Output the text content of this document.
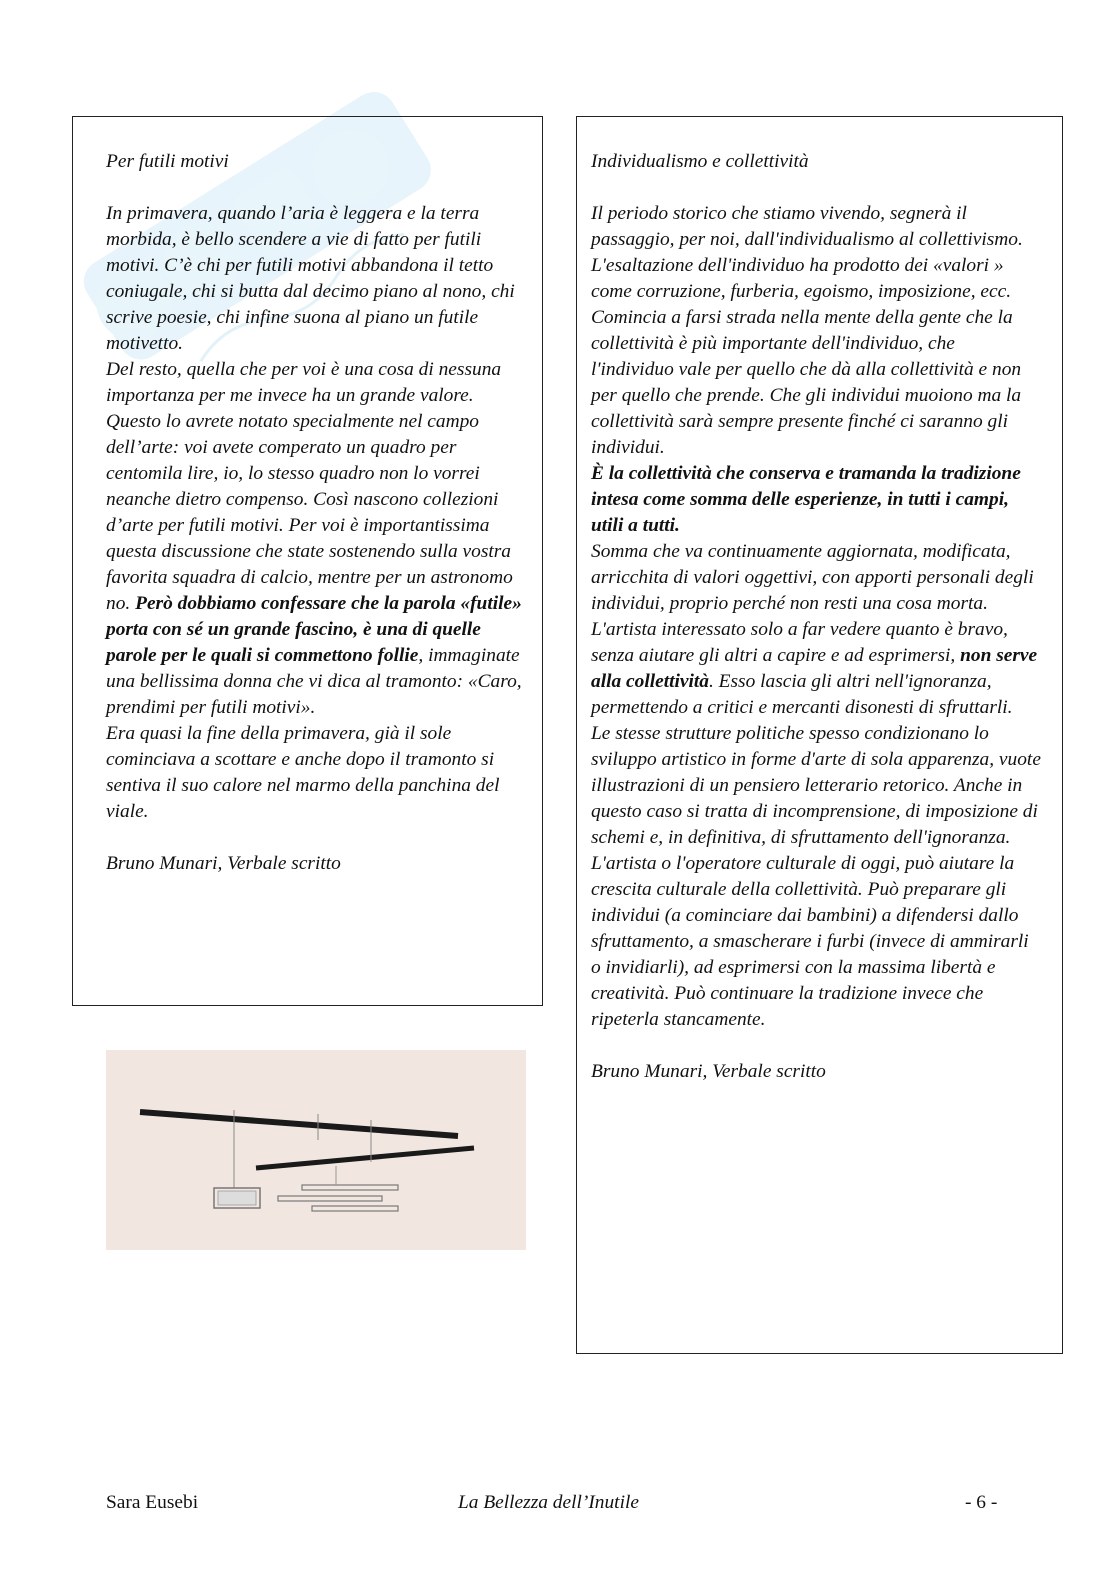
Per futili motivi

In primavera, quando l’aria è leggera e la terra morbida, è bello scendere a vie di fatto per futili motivi. C’è chi per futili motivi abbandona il tetto coniugale, chi si butta dal decimo piano al nono, chi scrive poesie, chi infine suona al piano un futile motivetto.

Del resto, quella che per voi è una cosa di nessuna importanza per me invece ha un grande valore. Questo lo avrete notato specialmente nel campo dell’arte: voi avete comperato un quadro per centomila lire, io, lo stesso quadro non lo vorrei neanche dietro compenso. Così nascono collezioni d’arte per futili motivi. Per voi è importantissima questa discussione che state sostenendo sulla vostra favorita squadra di calcio, mentre per un astronomo no. Però dobbiamo confessare che la parola «futile» porta con sé un grande fascino, è una di quelle parole per le quali si commettono follie, immaginate una bellissima donna che vi dica al tramonto: «Caro, prendimi per futili motivi».

Era quasi la fine della primavera, già il sole cominciava a scottare e anche dopo il tramonto si sentiva il suo calore nel marmo della panchina del viale.

Bruno Munari, Verbale scritto

Individualismo e collettività

Il periodo storico che stiamo vivendo, segnerà il passaggio, per noi, dall'individualismo al collettivismo.

L'esaltazione dell'individuo ha prodotto dei «valori » come corruzione, furberia, egoismo, imposizione, ecc.

Comincia a farsi strada nella mente della gente che la collettività è più importante dell'individuo, che l'individuo vale per quello che dà alla collettività e non per quello che prende. Che gli individui muoiono ma la collettività sarà sempre presente finché ci saranno gli individui.

È la collettività che conserva e tramanda la tradizione intesa come somma delle esperienze, in tutti i campi, utili a tutti.

Somma che va continuamente aggiornata, modificata, arricchita di valori oggettivi, con apporti personali degli individui, proprio perché non resti una cosa morta.

L'artista interessato solo a far vedere quanto è bravo, senza aiutare gli altri a capire e ad esprimersi, non serve alla collettività. Esso lascia gli altri nell'ignoranza, permettendo a critici e mercanti disonesti di sfruttarli.

Le stesse strutture politiche spesso condizionano lo sviluppo artistico in forme d'arte di sola apparenza, vuote illustrazioni di un pensiero letterario retorico. Anche in questo caso si tratta di incomprensione, di imposizione di schemi e, in definitiva, di sfruttamento dell'ignoranza.

L'artista o l'operatore culturale di oggi, può aiutare la crescita culturale della collettività. Può preparare gli individui (a cominciare dai bambini) a difendersi dallo sfruttamento, a smascherare i furbi (invece di ammirarli o invidiarli), ad esprimersi con la massima libertà e creatività. Può continuare la tradizione invece che ripeterla stancamente.

Bruno Munari, Verbale scritto

Sara Eusebi	La Bellezza dell’Inutile	- 6 -
